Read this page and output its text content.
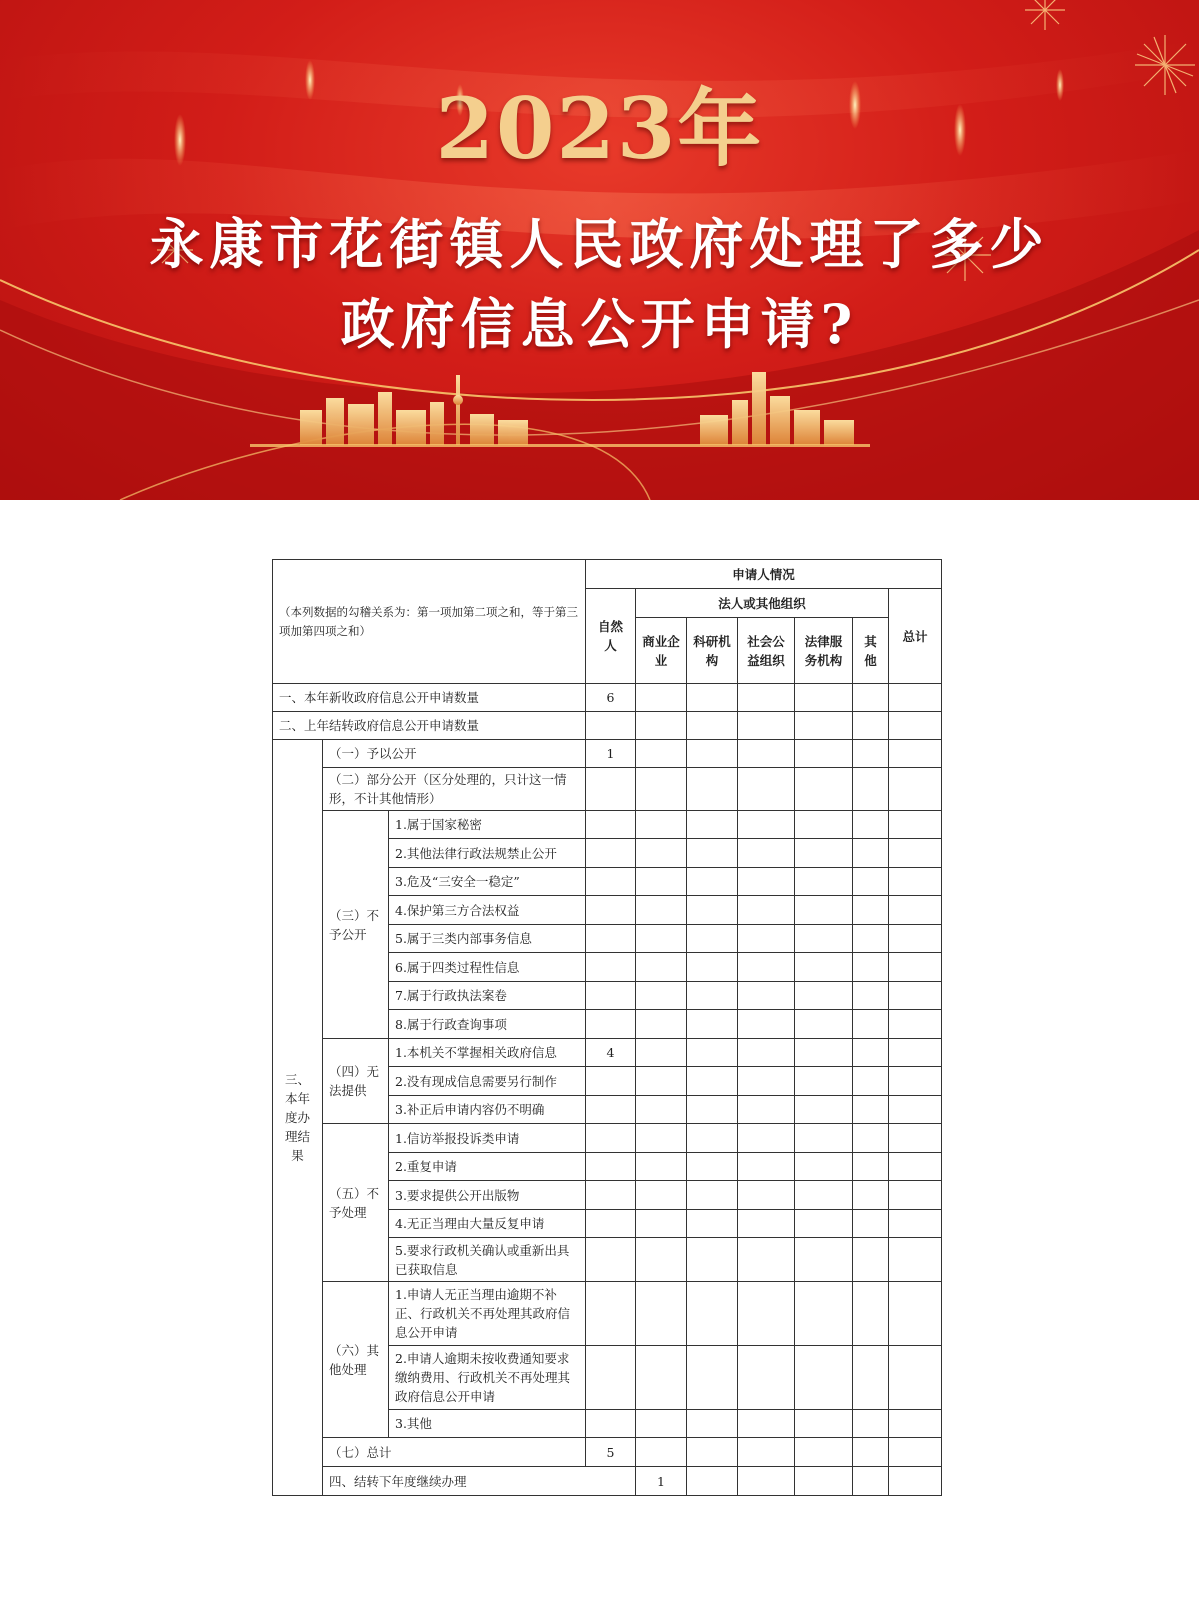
2023年
永康市花街镇人民政府处理了多少
政府信息公开申请?
（本列数据的勾稽关系为：第一项加第二项之和，等于第三项加第四项之和）			申请人情况							
			自然人	法人或其他组织					总计	
				商业企业	科研机构	社会公益组织	法律服务机构	其他		
一、本年新收政府信息公开申请数量			6							
二、上年结转政府信息公开申请数量										
三、本年度办理结果	（一）予以公开		1							
	（二）部分公开（区分处理的，只计这一情形，不计其他情形）									
	（三）不予公开	1.属于国家秘密								
		2.其他法律行政法规禁止公开								
		3.危及“三安全一稳定”								
		4.保护第三方合法权益								
		5.属于三类内部事务信息								
		6.属于四类过程性信息								
		7.属于行政执法案卷								
		8.属于行政查询事项								
	（四）无法提供	1.本机关不掌握相关政府信息	4							
		2.没有现成信息需要另行制作								
		3.补正后申请内容仍不明确								
	（五）不予处理	1.信访举报投诉类申请								
		2.重复申请								
		3.要求提供公开出版物								
		4.无正当理由大量反复申请								
		5.要求行政机关确认或重新出具已获取信息								
	（六）其他处理	1.申请人无正当理由逾期不补正、行政机关不再处理其政府信息公开申请								
		2.申请人逾期未按收费通知要求缴纳费用、行政机关不再处理其政府信息公开申请								
		3.其他								
	（七）总计		5							
	四、结转下年度继续办理			1						
